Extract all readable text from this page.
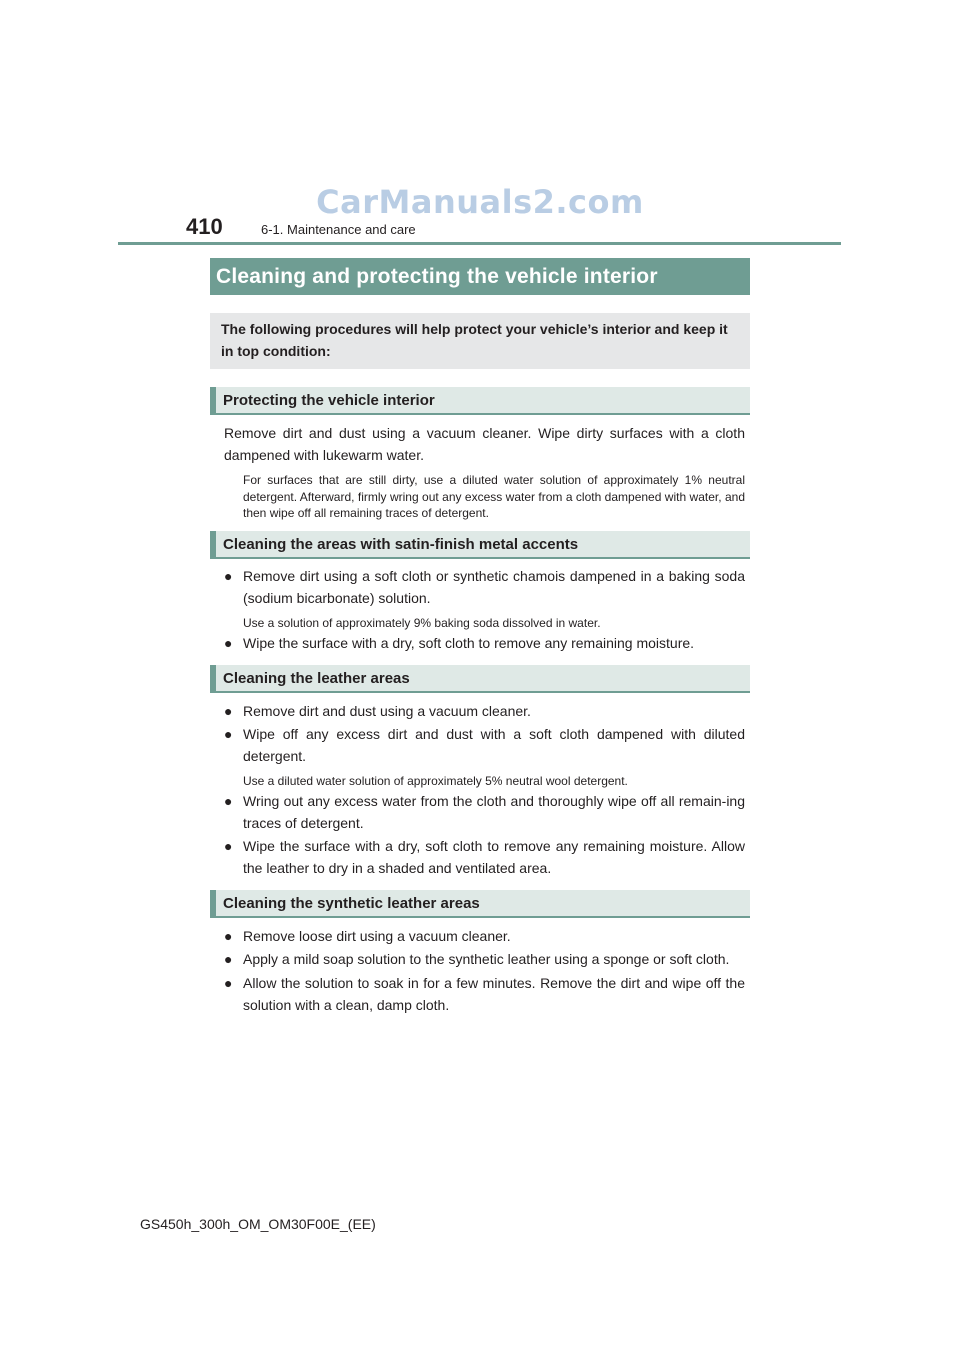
CarManuals2.com
410	6-1. Maintenance and care
Cleaning and protecting the vehicle interior
The following procedures will help protect your vehicle’s interior and keep it in top condition:
Protecting the vehicle interior
Remove dirt and dust using a vacuum cleaner. Wipe dirty surfaces with a cloth dampened with lukewarm water.
For surfaces that are still dirty, use a diluted water solution of approximately 1% neutral detergent. Afterward, firmly wring out any excess water from a cloth dampened with water, and then wipe off all remaining traces of detergent.
Cleaning the areas with satin-finish metal accents
● Remove dirt using a soft cloth or synthetic chamois dampened in a baking soda (sodium bicarbonate) solution.
Use a solution of approximately 9% baking soda dissolved in water.
● Wipe the surface with a dry, soft cloth to remove any remaining moisture.
Cleaning the leather areas
● Remove dirt and dust using a vacuum cleaner.
● Wipe off any excess dirt and dust with a soft cloth dampened with diluted detergent.
Use a diluted water solution of approximately 5% neutral wool detergent.
● Wring out any excess water from the cloth and thoroughly wipe off all remain-ing traces of detergent.
● Wipe the surface with a dry, soft cloth to remove any remaining moisture. Allow the leather to dry in a shaded and ventilated area.
Cleaning the synthetic leather areas
● Remove loose dirt using a vacuum cleaner.
● Apply a mild soap solution to the synthetic leather using a sponge or soft cloth.
● Allow the solution to soak in for a few minutes. Remove the dirt and wipe off the solution with a clean, damp cloth.
GS450h_300h_OM_OM30F00E_(EE)
